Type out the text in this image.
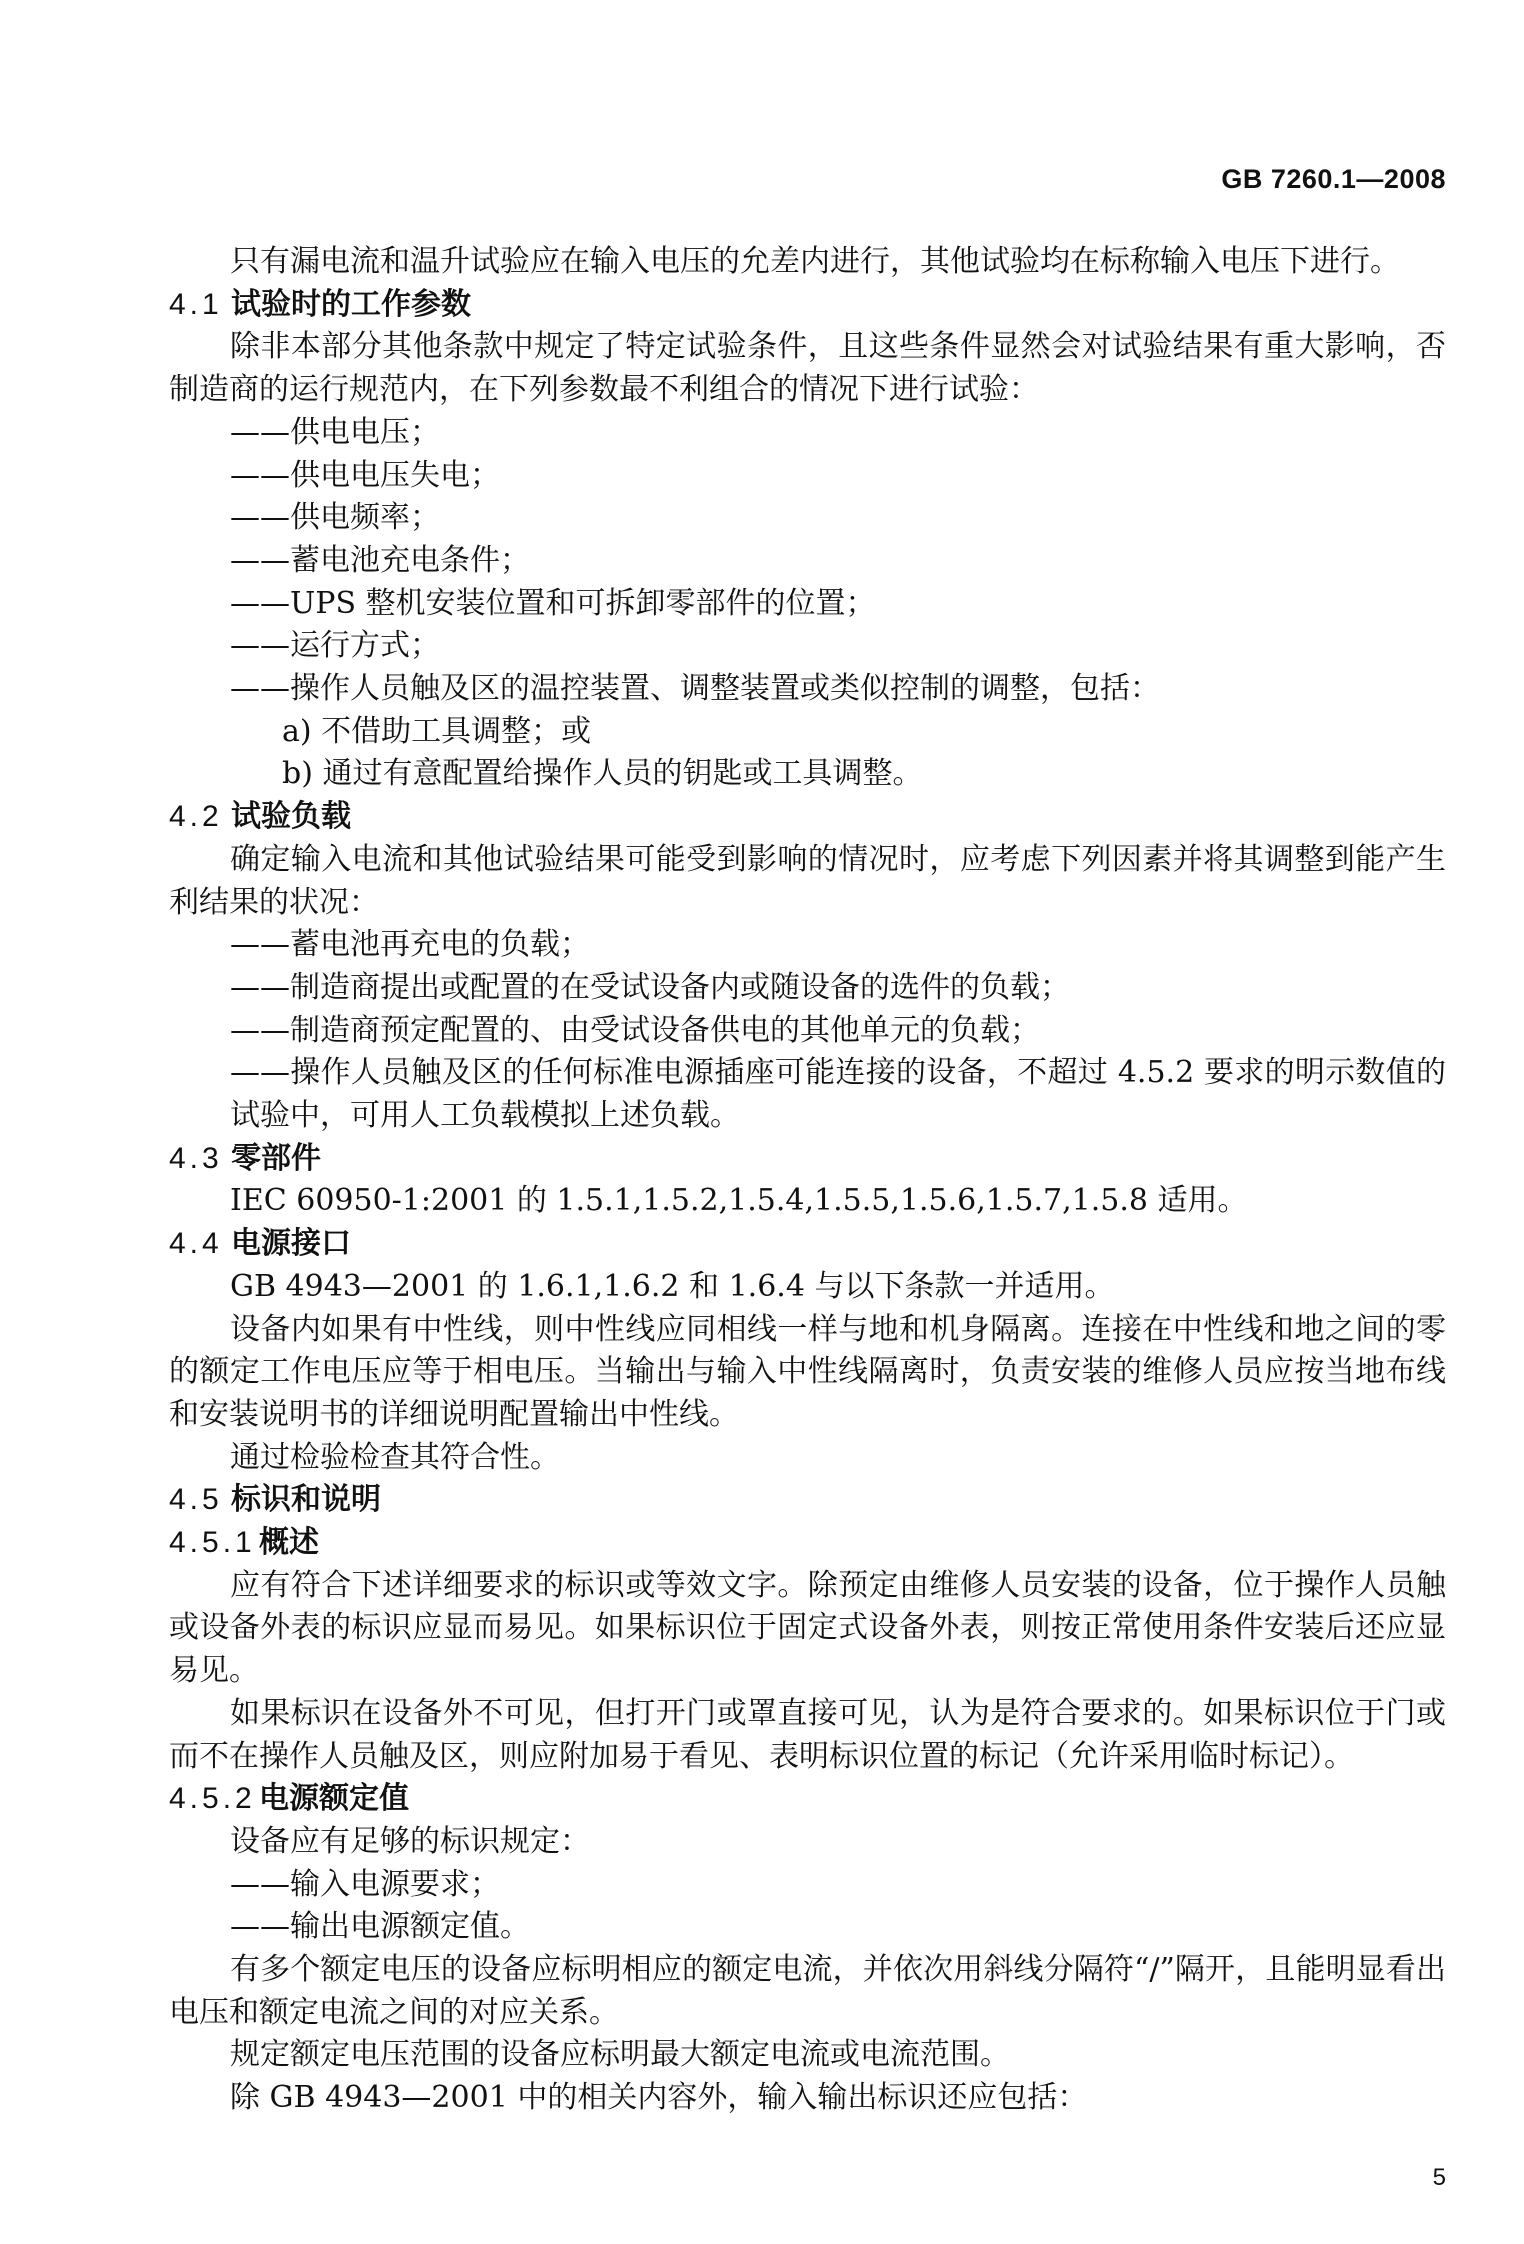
GB 7260.1—2008
只有漏电流和温升试验应在输入电压的允差内进行，其他试验均在标称输入电压下进行。
4.1 试验时的工作参数
除非本部分其他条款中规定了特定试验条件，且这些条件显然会对试验结果有重大影响，否
制造商的运行规范内，在下列参数最不利组合的情况下进行试验：
——供电电压；
——供电电压失电；
——供电频率；
——蓄电池充电条件；
——UPS 整机安装位置和可拆卸零部件的位置；
——运行方式；
——操作人员触及区的温控装置、调整装置或类似控制的调整，包括：
a) 不借助工具调整；或
b) 通过有意配置给操作人员的钥匙或工具调整。
4.2 试验负载
确定输入电流和其他试验结果可能受到影响的情况时，应考虑下列因素并将其调整到能产生
利结果的状况：
——蓄电池再充电的负载；
——制造商提出或配置的在受试设备内或随设备的选件的负载；
——制造商预定配置的、由受试设备供电的其他单元的负载；
——操作人员触及区的任何标准电源插座可能连接的设备，不超过 4.5.2 要求的明示数值的
试验中，可用人工负载模拟上述负载。
4.3 零部件
IEC 60950-1:2001 的 1.5.1,1.5.2,1.5.4,1.5.5,1.5.6,1.5.7,1.5.8 适用。
4.4 电源接口
GB 4943—2001 的 1.6.1,1.6.2 和 1.6.4 与以下条款一并适用。
设备内如果有中性线，则中性线应同相线一样与地和机身隔离。连接在中性线和地之间的零
的额定工作电压应等于相电压。当输出与输入中性线隔离时，负责安装的维修人员应按当地布线
和安装说明书的详细说明配置输出中性线。
通过检验检查其符合性。
4.5 标识和说明
4.5.1 概述
应有符合下述详细要求的标识或等效文字。除预定由维修人员安装的设备，位于操作人员触
或设备外表的标识应显而易见。如果标识位于固定式设备外表，则按正常使用条件安装后还应显
易见。
如果标识在设备外不可见，但打开门或罩直接可见，认为是符合要求的。如果标识位于门或
而不在操作人员触及区，则应附加易于看见、表明标识位置的标记（允许采用临时标记）。
4.5.2 电源额定值
设备应有足够的标识规定：
——输入电源要求；
——输出电源额定值。
有多个额定电压的设备应标明相应的额定电流，并依次用斜线分隔符“/”隔开，且能明显看出
电压和额定电流之间的对应关系。
规定额定电压范围的设备应标明最大额定电流或电流范围。
除 GB 4943—2001 中的相关内容外，输入输出标识还应包括：
5
